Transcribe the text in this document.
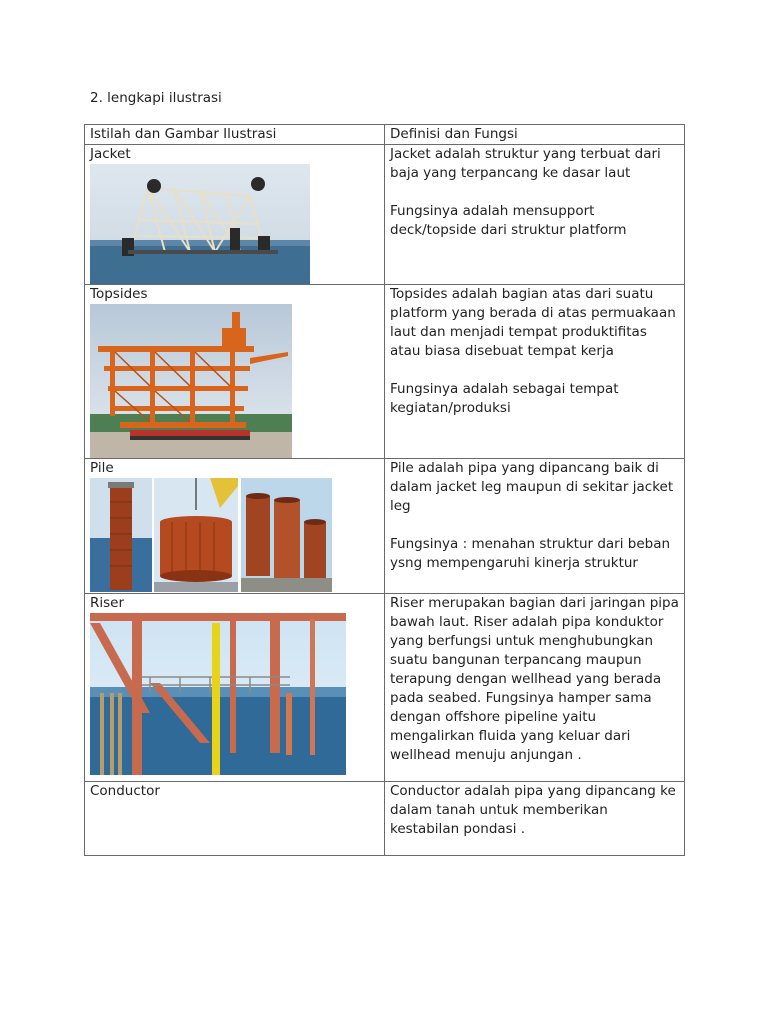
2. lengkapi ilustrasi

Istilah dan Gambar Ilustrasi	Definisi dan Fungsi

Jacket	Jacket adalah struktur yang terbuat dari baja yang terpancang ke dasar laut

Fungsinya adalah mensupport deck/topside dari struktur platform

Topsides	Topsides adalah bagian atas dari suatu platform yang berada di atas permuakaan laut dan menjadi tempat produktifitas atau biasa disebuat tempat kerja

Fungsinya adalah sebagai tempat kegiatan/produksi

Pile	Pile adalah pipa yang dipancang baik di dalam jacket leg maupun di sekitar jacket leg

Fungsinya : menahan struktur dari beban ysng mempengaruhi kinerja struktur

Riser	Riser merupakan bagian dari jaringan pipa bawah laut. Riser adalah pipa konduktor yang berfungsi untuk menghubungkan suatu bangunan terpancang maupun terapung dengan wellhead yang berada pada seabed. Fungsinya hamper sama dengan offshore pipeline yaitu mengalirkan fluida yang keluar dari wellhead menuju anjungan .

Conductor	Conductor adalah pipa yang dipancang ke dalam tanah untuk memberikan kestabilan pondasi .
